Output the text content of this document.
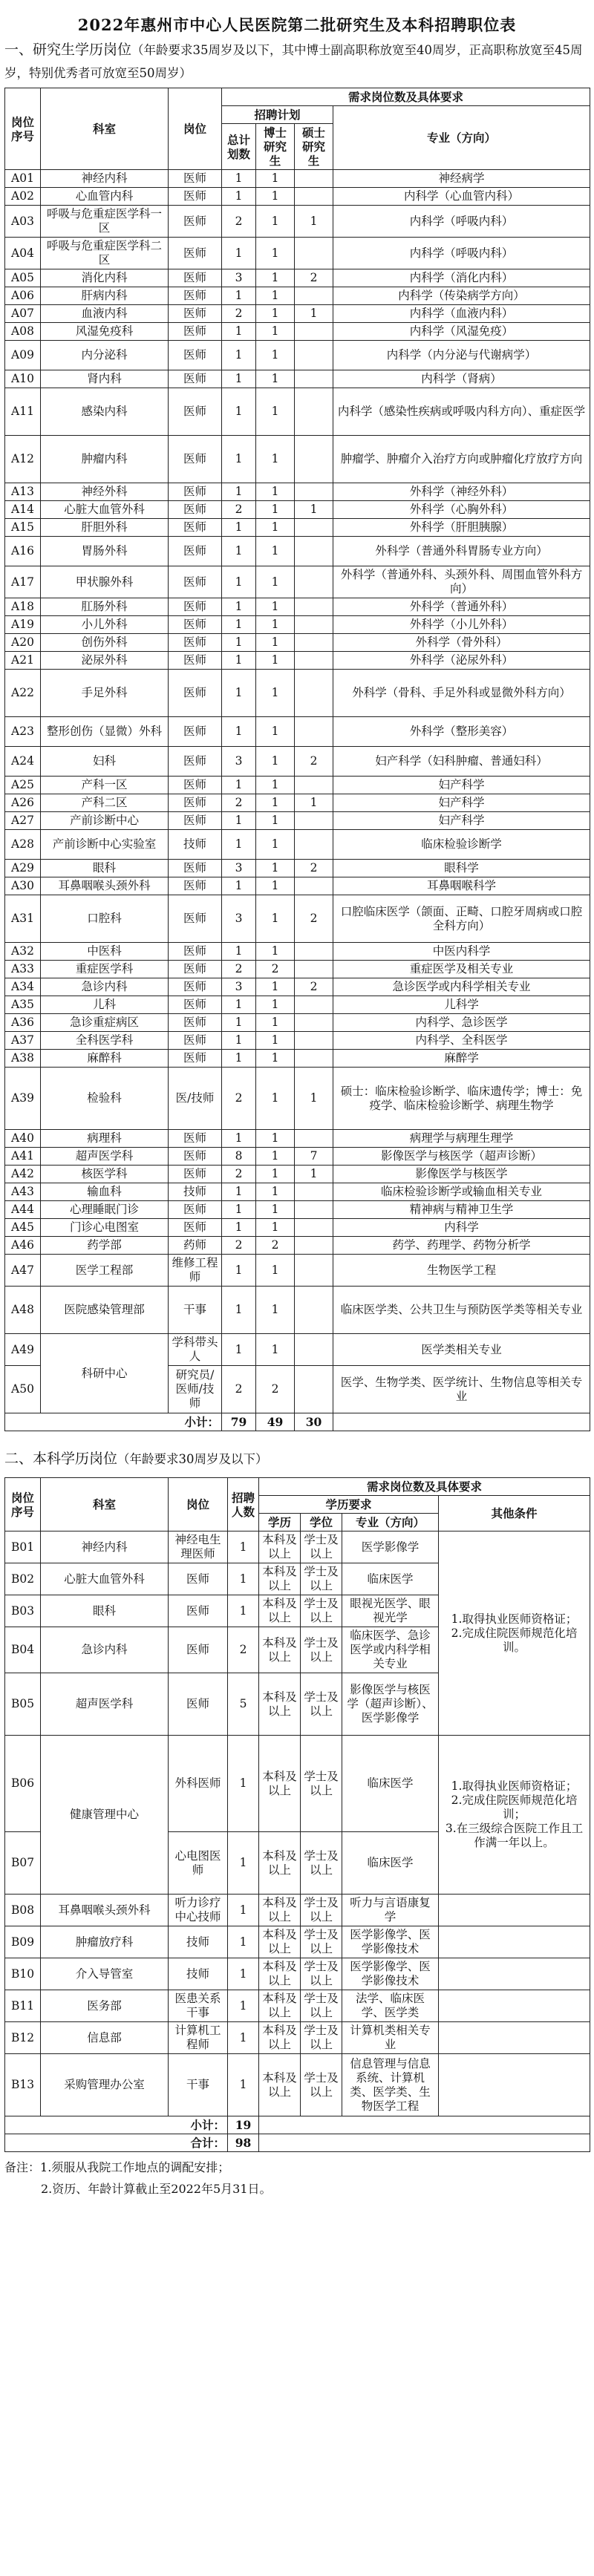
2022年惠州市中心人民医院第二批研究生及本科招聘职位表
一、研究生学历岗位（年龄要求35周岁及以下，其中博士副高职称放宽至40周岁，正高职称放宽至45周岁，特别优秀者可放宽至50周岁）
岗位序号	科室	岗位	需求岗位数及具体要求			
			招聘计划			专业（方向）
			总计划数	博士研究生	硕士研究生	
A01	神经内科	医师	1	1		神经病学
A02	心血管内科	医师	1	1		内科学（心血管内科）
A03	呼吸与危重症医学科一区	医师	2	1	1	内科学（呼吸内科）
A04	呼吸与危重症医学科二区	医师	1	1		内科学（呼吸内科）
A05	消化内科	医师	3	1	2	内科学（消化内科）
A06	肝病内科	医师	1	1		内科学（传染病学方向）
A07	血液内科	医师	2	1	1	内科学（血液内科）
A08	风湿免疫科	医师	1	1		内科学（风湿免疫）
A09	内分泌科	医师	1	1		内科学（内分泌与代谢病学）
A10	肾内科	医师	1	1		内科学（肾病）
A11	感染内科	医师	1	1		内科学（感染性疾病或呼吸内科方向）、重症医学
A12	肿瘤内科	医师	1	1		肿瘤学、肿瘤介入治疗方向或肿瘤化疗放疗方向
A13	神经外科	医师	1	1		外科学（神经外科）
A14	心脏大血管外科	医师	2	1	1	外科学（心胸外科）
A15	肝胆外科	医师	1	1		外科学（肝胆胰腺）
A16	胃肠外科	医师	1	1		外科学（普通外科胃肠专业方向）
A17	甲状腺外科	医师	1	1		外科学（普通外科、头颈外科、周围血管外科方向）
A18	肛肠外科	医师	1	1		外科学（普通外科）
A19	小儿外科	医师	1	1		外科学（小儿外科）
A20	创伤外科	医师	1	1		外科学（骨外科）
A21	泌尿外科	医师	1	1		外科学（泌尿外科）
A22	手足外科	医师	1	1		外科学（骨科、手足外科或显微外科方向）
A23	整形创伤（显微）外科	医师	1	1		外科学（整形美容）
A24	妇科	医师	3	1	2	妇产科学（妇科肿瘤、普通妇科）
A25	产科一区	医师	1	1		妇产科学
A26	产科二区	医师	2	1	1	妇产科学
A27	产前诊断中心	医师	1	1		妇产科学
A28	产前诊断中心实验室	技师	1	1		临床检验诊断学
A29	眼科	医师	3	1	2	眼科学
A30	耳鼻咽喉头颈外科	医师	1	1		耳鼻咽喉科学
A31	口腔科	医师	3	1	2	口腔临床医学（颌面、正畸、口腔牙周病或口腔全科方向）
A32	中医科	医师	1	1		中医内科学
A33	重症医学科	医师	2	2		重症医学及相关专业
A34	急诊内科	医师	3	1	2	急诊医学或内科学相关专业
A35	儿科	医师	1	1		儿科学
A36	急诊重症病区	医师	1	1		内科学、急诊医学
A37	全科医学科	医师	1	1		内科学、全科医学
A38	麻醉科	医师	1	1		麻醉学
A39	检验科	医/技师	2	1	1	硕士：临床检验诊断学、临床遗传学；博士：免疫学、临床检验诊断学、病理生物学
A40	病理科	医师	1	1		病理学与病理生理学
A41	超声医学科	医师	8	1	7	影像医学与核医学（超声诊断）
A42	核医学科	医师	2	1	1	影像医学与核医学
A43	输血科	技师	1	1		临床检验诊断学或输血相关专业
A44	心理睡眠门诊	医师	1	1		精神病与精神卫生学
A45	门诊心电图室	医师	1	1		内科学
A46	药学部	药师	2	2		药学、药理学、药物分析学
A47	医学工程部	维修工程师	1	1		生物医学工程
A48	医院感染管理部	干事	1	1		临床医学类、公共卫生与预防医学类等相关专业
A49	科研中心	学科带头人	1	1		医学类相关专业
A50		研究员/医师/技师	2	2		医学、生物学类、医学统计、生物信息等相关专业
小计：			79	49	30	
二、本科学历岗位（年龄要求30周岁及以下）
岗位序号	科室	岗位	招聘人数	需求岗位数及具体要求			
				学历要求			其他条件
				学历	学位	专业（方向）	
B01	神经内科	神经电生理医师	1	本科及以上	学士及以上	医学影像学	1.取得执业医师资格证；
2.完成住院医师规范化培训。

B02	心脏大血管外科	医师	1	本科及以上	学士及以上	临床医学	
B03	眼科	医师	1	本科及以上	学士及以上	眼视光医学、眼视光学	
B04	急诊内科	医师	2	本科及以上	学士及以上	临床医学、急诊医学或内科学相关专业	
B05	超声医学科	医师	5	本科及以上	学士及以上	影像医学与核医学（超声诊断）、医学影像学	
B06	健康管理中心	外科医师	1	本科及以上	学士及以上	临床医学	1.取得执业医师资格证；
2.完成住院医师规范化培训；
3.在三级综合医院工作且工作满一年以上。

B07		心电图医师	1	本科及以上	学士及以上	临床医学	
B08	耳鼻咽喉头颈外科	听力诊疗中心技师	1	本科及以上	学士及以上	听力与言语康复学	
B09	肿瘤放疗科	技师	1	本科及以上	学士及以上	医学影像学、医学影像技术	
B10	介入导管室	技师	1	本科及以上	学士及以上	医学影像学、医学影像技术	
B11	医务部	医患关系干事	1	本科及以上	学士及以上	法学、临床医学、医学类	
B12	信息部	计算机工程师	1	本科及以上	学士及以上	计算机类相关专业	
B13	采购管理办公室	干事	1	本科及以上	学士及以上	信息管理与信息系统、计算机类、医学类、生物医学工程	
小计：			19				
合计：			98				
备注：1.须服从我院工作地点的调配安排；
2.资历、年龄计算截止至2022年5月31日。
